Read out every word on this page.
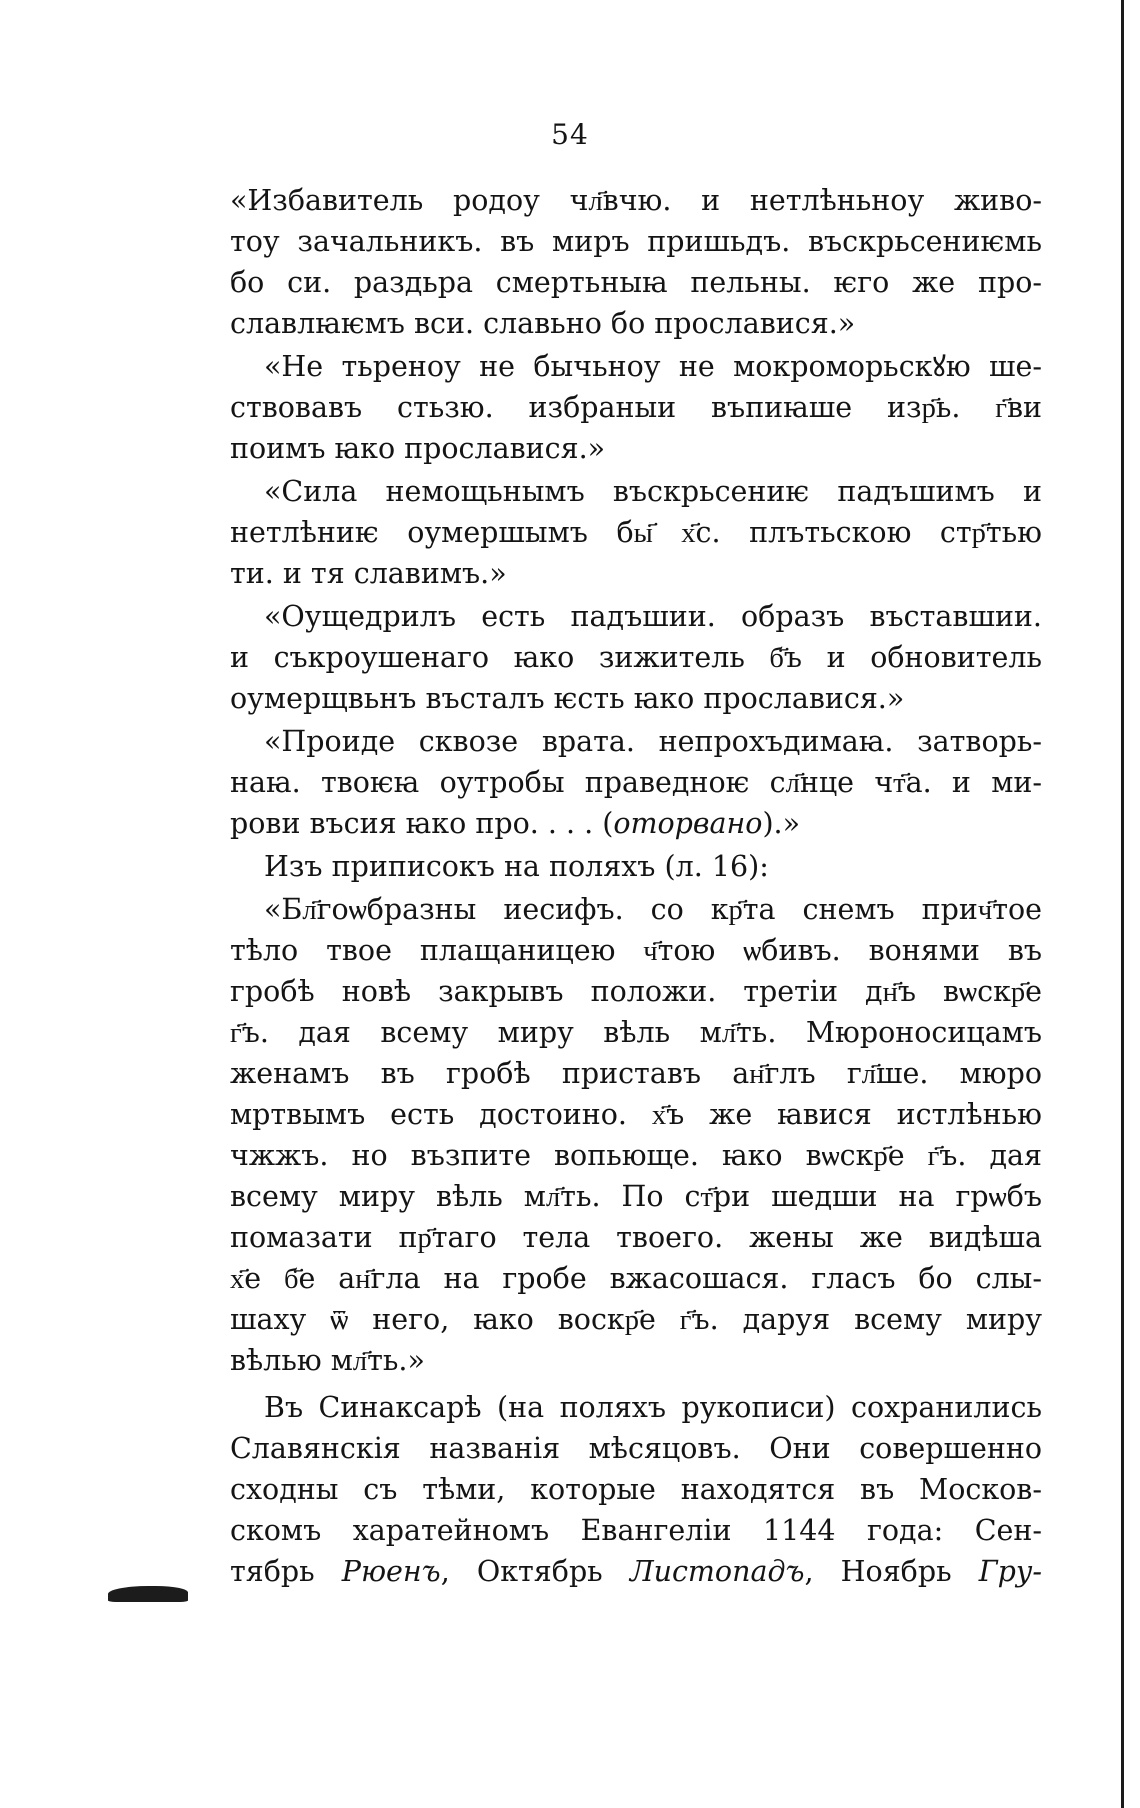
54
«Избавитель родоу чл҃вчю. и нетлѣньноу живо-
тоу зачальникъ. въ миръ пришьдъ. въскрьсениѥмь
бо си. раздьра смертьныꙗ пельны. ѥго же про-
славлꙗѥмъ вси. славьно бо прославися.»
«Не тьреноу не бычьноу не мокроморьскꙋю ше-
ствовавъ стьзю. избраныи въпиꙗше изр҃ь. г҃ви
поимъ ꙗко прославися.»
«Сила немощьнымъ въскрьсениѥ падъшимъ и
нетлѣниѥ оумершымъ бы҃ х҃с. плътьскою стр҃тью
ти. и тя славимъ.»
«Оущедрилъ есть падъшии. образъ въставшии.
и съкроушенаго ꙗко зижитель б҃ъ и обновитель
оумерщвьнъ въсталъ ѥсть ꙗко прославися.»
«Проиде сквозе врата. непрохъдимаꙗ. затворь-
наꙗ. твоѥꙗ оутробы праведноѥ сл҃нце чт҃а. и ми-
рови въсия ꙗко про. . . . (оторвано).»
Изъ приписокъ на поляхъ (л. 16):
«Бл҃гоѡбразны иесифъ. со кр҃та снемъ прич҃тое
тѣло твое плащаницею ч҃тою ѡбивъ. вонями въ
гробѣ новѣ закрывъ положи. третіи дн҃ъ вѡскр҃е
г҃ъ. дая всему миру вѣль мл҃ть. Мюроносицамъ
женамъ въ гробѣ приставъ ан҃глъ гл҃ше. мюро
мртвымъ есть достоино. х҃ъ же ꙗвися истлѣнью
чжжъ. но възпите вопьюще. ꙗко вѡскр҃е г҃ъ. дая
всему миру вѣль мл҃ть. По ст҃ри шедши на грѡбъ
помазати пр҃таго тела твоего. жены же видѣша
х҃е б҃е ан҃гла на гробе вжасошася. гласъ бо слы-
шаху ѿ него, ꙗко воскр҃е г҃ъ. даруя всему миру
вѣлью мл҃ть.»
Въ Синаксарѣ (на поляхъ рукописи) сохранились
Славянскія названія мѣсяцовъ. Они совершенно
сходны съ тѣми, которые находятся въ Москов-
скомъ харатейномъ Евангеліи 1144 года: Сен-
тябрь Рюенъ, Октябрь Листопадъ, Ноябрь Гру-
